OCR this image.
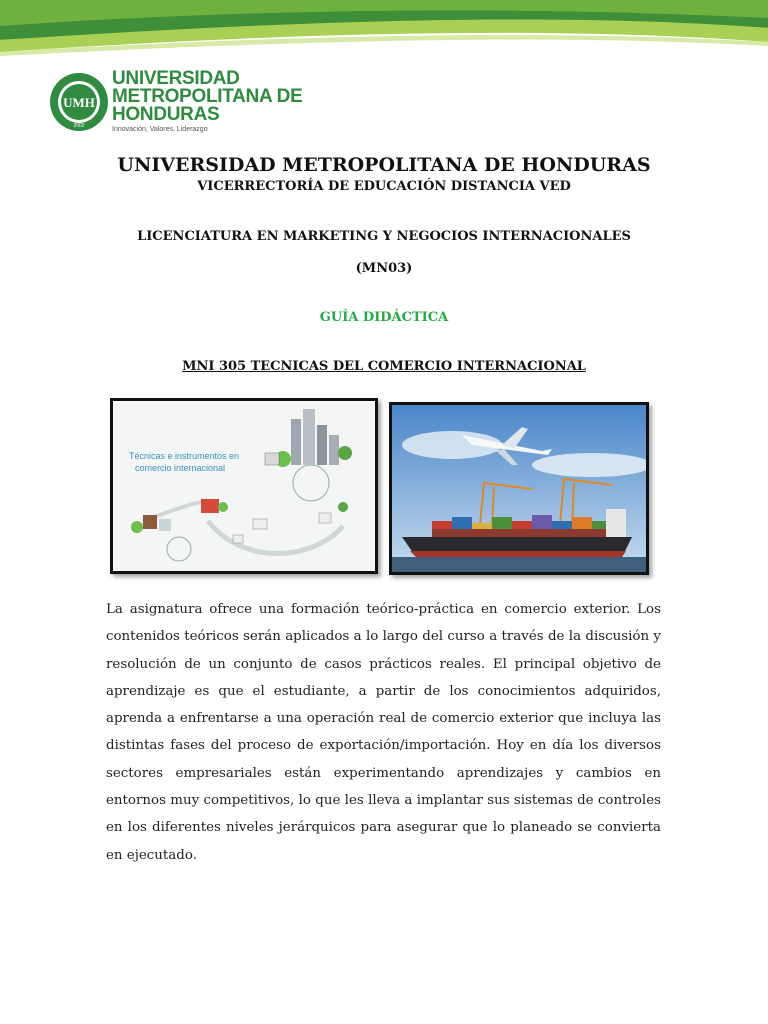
UMH
2002
UNIVERSIDAD
METROPOLITANA DE
HONDURAS
Innovación, Valores, Liderazgo
UNIVERSIDAD METROPOLITANA DE HONDURAS
VICERRECTORÍA DE EDUCACIÓN DISTANCIA VED
LICENCIATURA EN MARKETING Y NEGOCIOS INTERNACIONALES
(MN03)
GUÍA DIDÁCTICA
MNI 305 TECNICAS DEL COMERCIO INTERNACIONAL
Técnicas e instrumentos en
comercio internacional
La asignatura ofrece una formación teórico-práctica en comercio exterior. Los contenidos teóricos serán aplicados a lo largo del curso a través de la discusión y resolución de un conjunto de casos prácticos reales. El principal objetivo de aprendizaje es que el estudiante, a partir de los conocimientos adquiridos, aprenda a enfrentarse a una operación real de comercio exterior que incluya las distintas fases del proceso de exportación/importación. Hoy en día los diversos sectores empresariales están experimentando aprendizajes y cambios en entornos muy competitivos, lo que les lleva a implantar sus sistemas de controles en los diferentes niveles jerárquicos para asegurar que lo planeado se convierta en ejecutado.
